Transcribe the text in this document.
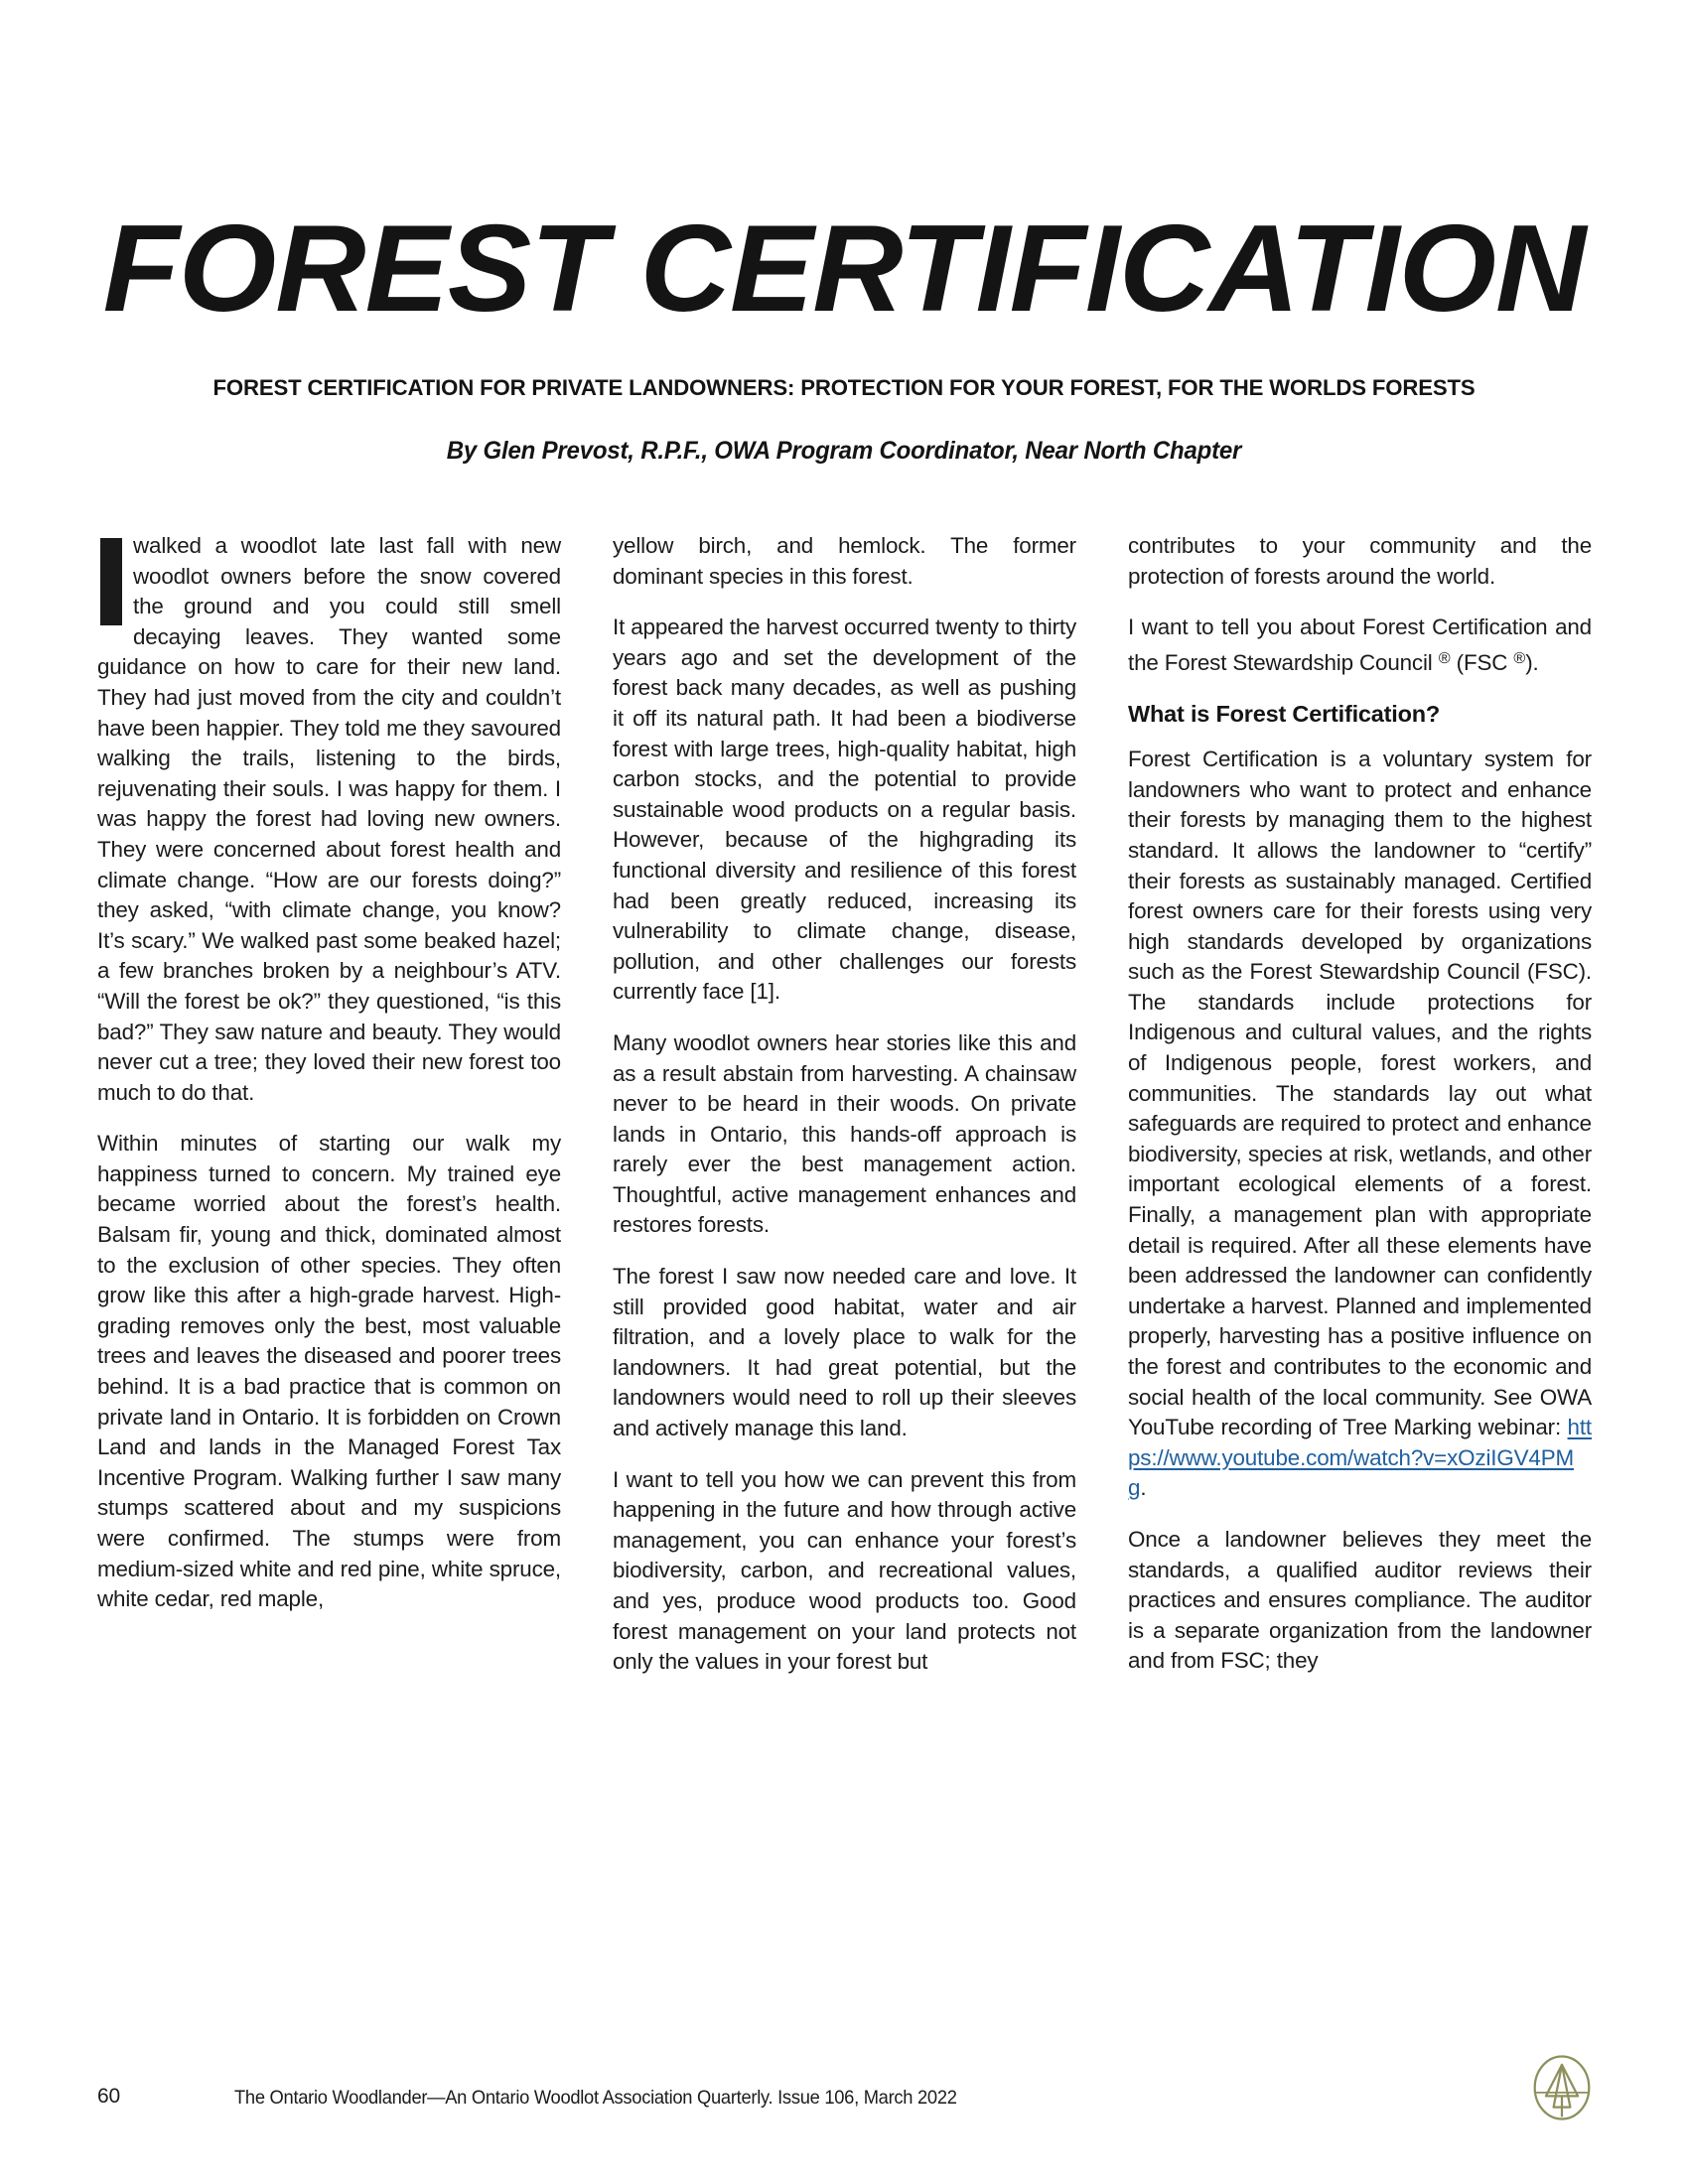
FOREST CERTIFICATION
FOREST CERTIFICATION FOR PRIVATE LANDOWNERS: PROTECTION FOR YOUR FOREST, FOR THE WORLDS FORESTS
By Glen Prevost, R.P.F., OWA Program Coordinator, Near North Chapter

walked a woodlot late last fall with new woodlot owners before the snow covered the ground and you could still smell decaying leaves. They wanted some guidance on how to care for their new land. They had just moved from the city and couldn’t have been happier. They told me they savoured walking the trails, listening to the birds, rejuvenating their souls. I was happy for them. I was happy the forest had loving new owners. They were concerned about forest health and climate change. “How are our forests doing?” they asked, “with climate change, you know? It’s scary.” We walked past some beaked hazel; a few branches broken by a neighbour’s ATV. “Will the forest be ok?” they questioned, “is this bad?” They saw nature and beauty. They would never cut a tree; they loved their new forest too much to do that.

Within minutes of starting our walk my happiness turned to concern. My trained eye became worried about the forest’s health. Balsam fir, young and thick, dominated almost to the exclusion of other species. They often grow like this after a high-grade harvest. High-grading removes only the best, most valuable trees and leaves the diseased and poorer trees behind. It is a bad practice that is common on private land in Ontario. It is forbidden on Crown Land and lands in the Managed Forest Tax Incentive Program. Walking further I saw many stumps scattered about and my suspicions were confirmed. The stumps were from medium-sized white and red pine, white spruce, white cedar, red maple,

yellow birch, and hemlock. The former dominant species in this forest.

It appeared the harvest occurred twenty to thirty years ago and set the development of the forest back many decades, as well as pushing it off its natural path. It had been a biodiverse forest with large trees, high-quality habitat, high carbon stocks, and the potential to provide sustainable wood products on a regular basis. However, because of the highgrading its functional diversity and resilience of this forest had been greatly reduced, increasing its vulnerability to climate change, disease, pollution, and other challenges our forests currently face [1].

Many woodlot owners hear stories like this and as a result abstain from harvesting. A chainsaw never to be heard in their woods. On private lands in Ontario, this hands-off approach is rarely ever the best management action. Thoughtful, active management enhances and restores forests.

The forest I saw now needed care and love. It still provided good habitat, water and air filtration, and a lovely place to walk for the landowners. It had great potential, but the landowners would need to roll up their sleeves and actively manage this land.

I want to tell you how we can prevent this from happening in the future and how through active management, you can enhance your forest’s biodiversity, carbon, and recreational values, and yes, produce wood products too. Good forest management on your land protects not only the values in your forest but

contributes to your community and the protection of forests around the world.

I want to tell you about Forest Certification and the Forest Stewardship Council ® (FSC ®).

What is Forest Certification?

Forest Certification is a voluntary system for landowners who want to protect and enhance their forests by managing them to the highest standard. It allows the landowner to “certify” their forests as sustainably managed. Certified forest owners care for their forests using very high standards developed by organizations such as the Forest Stewardship Council (FSC). The standards include protections for Indigenous and cultural values, and the rights of Indigenous people, forest workers, and communities. The standards lay out what safeguards are required to protect and enhance biodiversity, species at risk, wetlands, and other important ecological elements of a forest. Finally, a management plan with appropriate detail is required. After all these elements have been addressed the landowner can confidently undertake a harvest. Planned and implemented properly, harvesting has a positive influence on the forest and contributes to the economic and social health of the local community. See OWA YouTube recording of Tree Marking webinar: https://www.youtube.com/watch?v=xOziIGV4PMg.

Once a landowner believes they meet the standards, a qualified auditor reviews their practices and ensures compliance. The auditor is a separate organization from the landowner and from FSC; they

60	The Ontario Woodlander—An Ontario Woodlot Association Quarterly. Issue 106, March 2022
